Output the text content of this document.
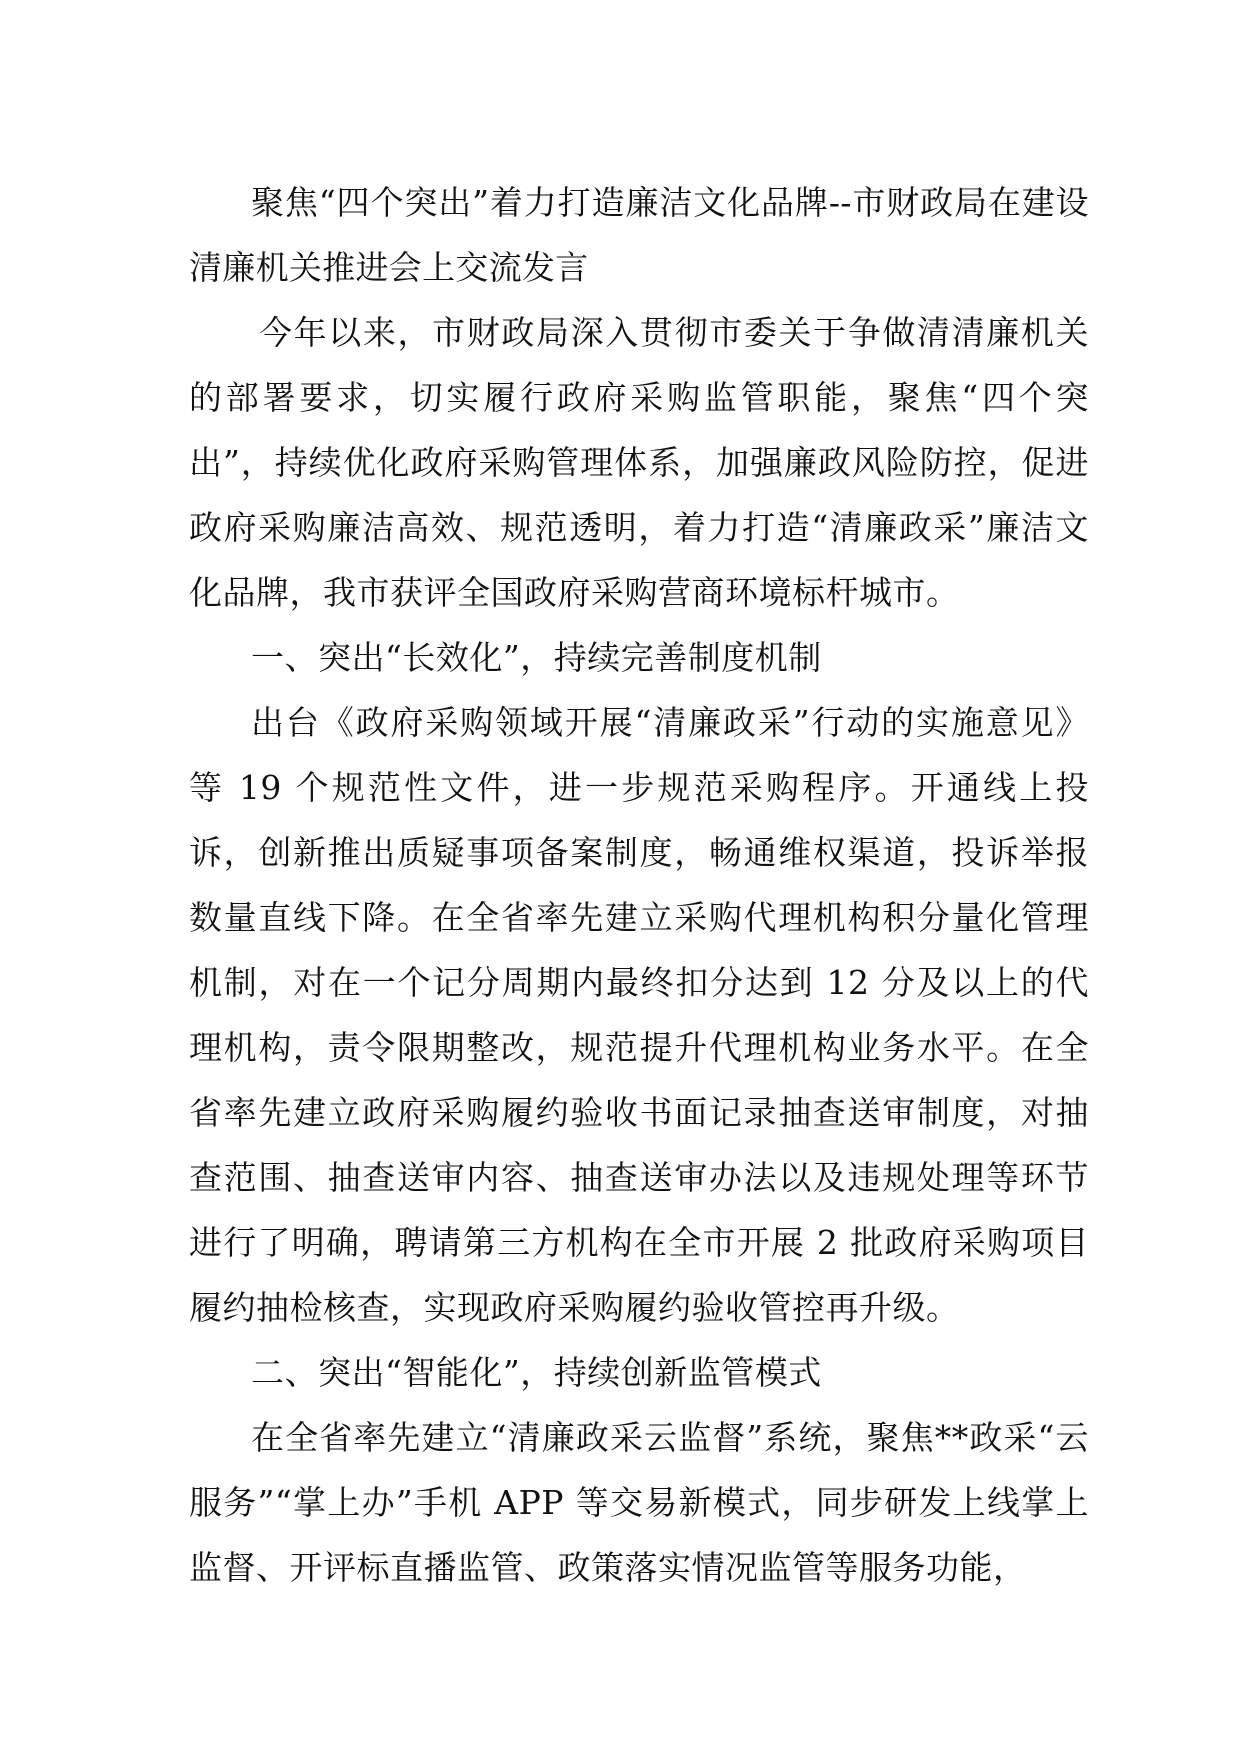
聚焦“四个突出”着力打造廉洁文化品牌--市财政局在建设清廉机关推进会上交流发言

今年以来，市财政局深入贯彻市委关于争做清清廉机关的部署要求，切实履行政府采购监管职能，聚焦“四个突出”，持续优化政府采购管理体系，加强廉政风险防控，促进政府采购廉洁高效、规范透明，着力打造“清廉政采”廉洁文化品牌，我市获评全国政府采购营商环境标杆城市。

一、突出“长效化”，持续完善制度机制

出台《政府采购领域开展“清廉政采”行动的实施意见》等 19 个规范性文件，进一步规范采购程序。开通线上投诉，创新推出质疑事项备案制度，畅通维权渠道，投诉举报数量直线下降。在全省率先建立采购代理机构积分量化管理机制，对在一个记分周期内最终扣分达到 12 分及以上的代理机构，责令限期整改，规范提升代理机构业务水平。在全省率先建立政府采购履约验收书面记录抽查送审制度，对抽查范围、抽查送审内容、抽查送审办法以及违规处理等环节进行了明确，聘请第三方机构在全市开展 2 批政府采购项目履约抽检核查，实现政府采购履约验收管控再升级。

二、突出“智能化”，持续创新监管模式

在全省率先建立“清廉政采云监督”系统，聚焦**政采“云服务”“掌上办”手机 APP 等交易新模式，同步研发上线掌上监督、开评标直播监管、政策落实情况监管等服务功能，
